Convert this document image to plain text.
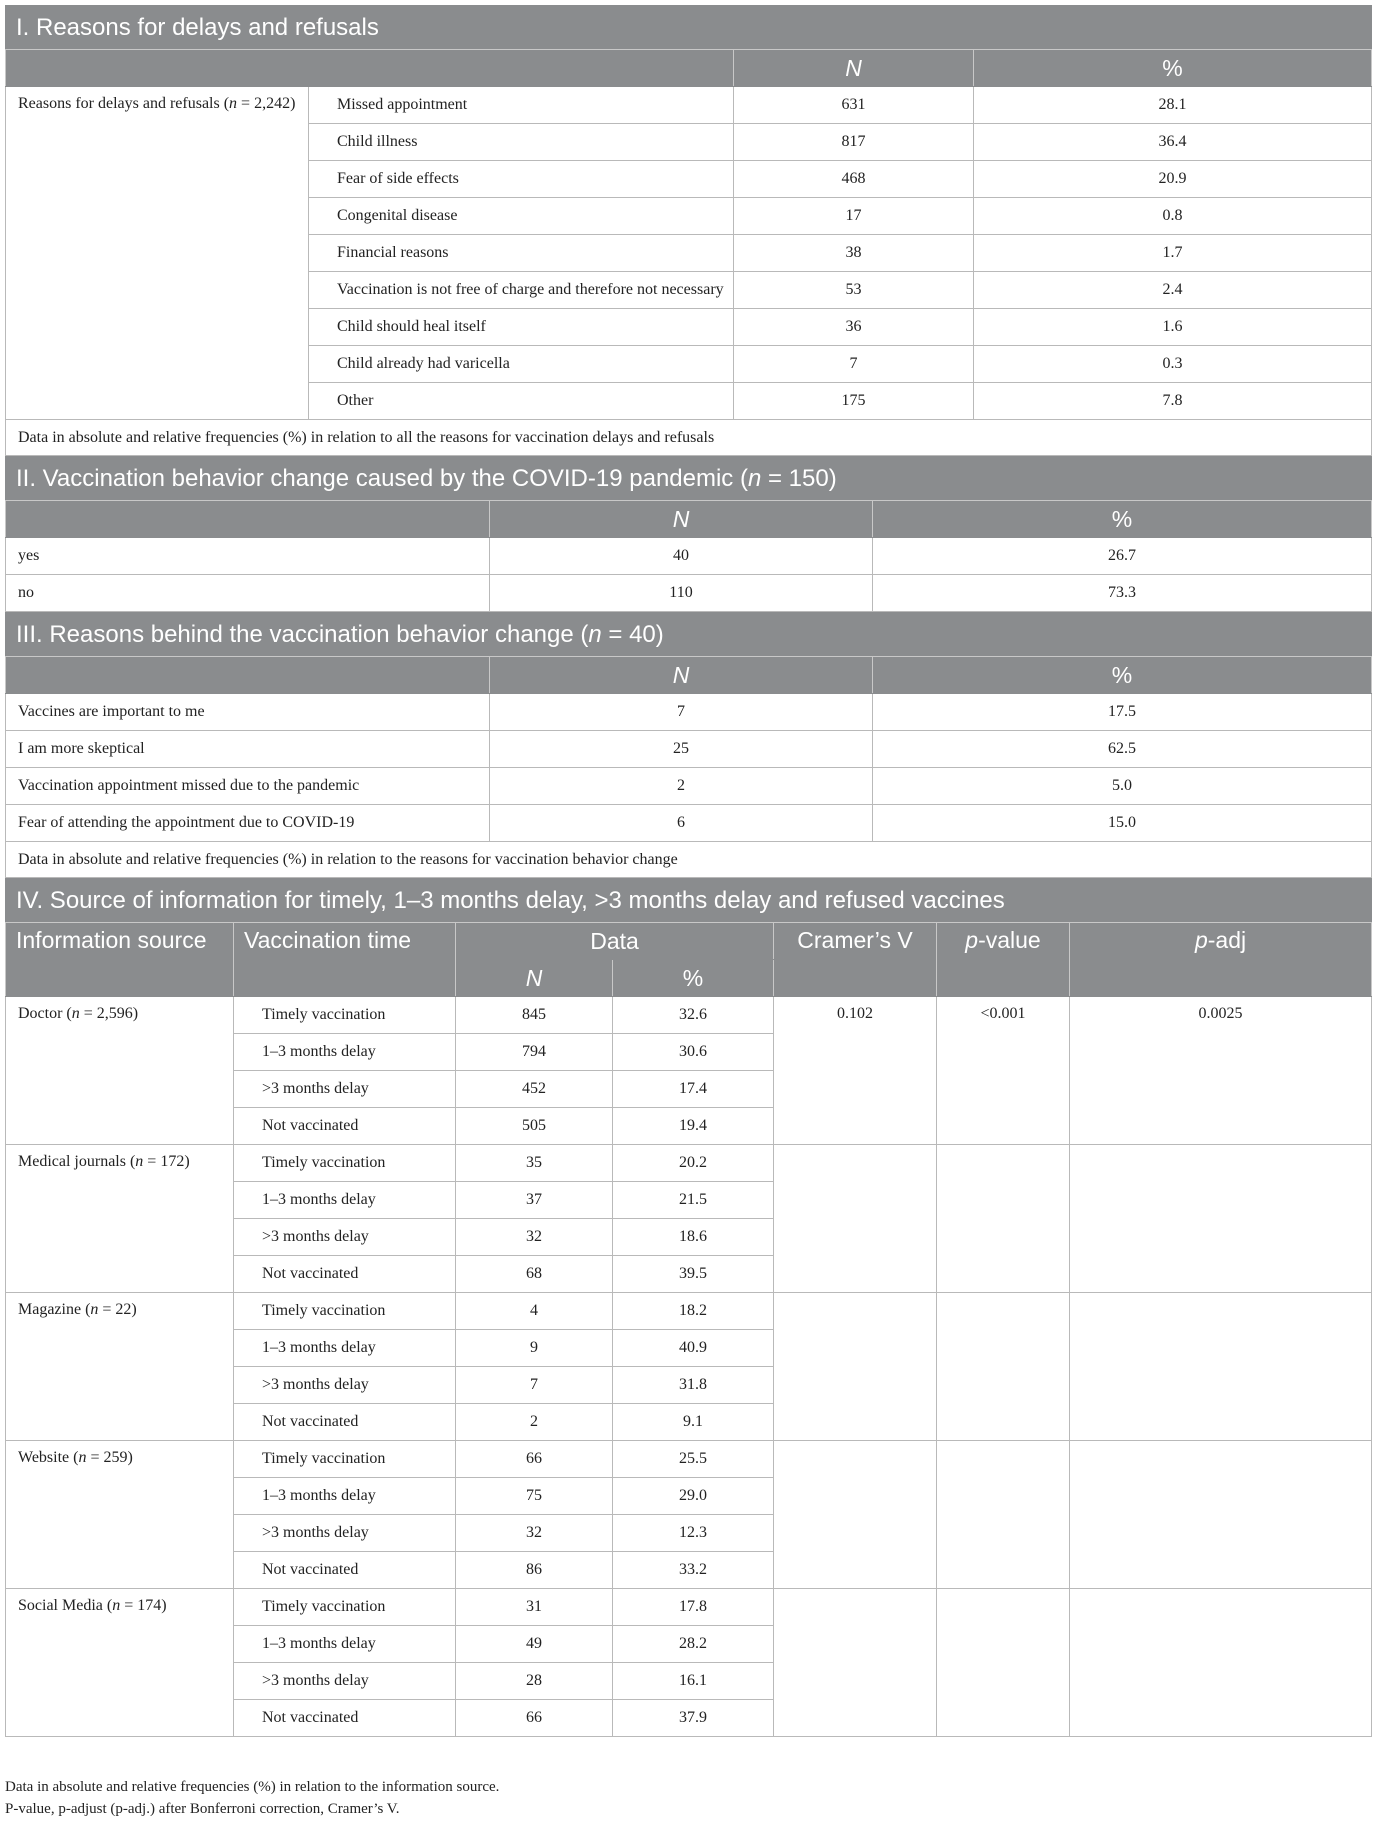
I. Reasons for delays and refusals			
		N	%
Reasons for delays and refusals (n = 2,242)	Missed appointment	631	28.1
	Child illness	817	36.4
	Fear of side effects	468	20.9
	Congenital disease	17	0.8
	Financial reasons	38	1.7
	Vaccination is not free of charge and therefore not necessary	53	2.4
	Child should heal itself	36	1.6
	Child already had varicella	7	0.3
	Other	175	7.8
Data in absolute and relative frequencies (%) in relation to all the reasons for vaccination delays and refusals			
II. Vaccination behavior change caused by the COVID-19 pandemic (n = 150)		
	N	%
yes	40	26.7
no	110	73.3
III. Reasons behind the vaccination behavior change (n = 40)		
	N	%
Vaccines are important to me	7	17.5
I am more skeptical	25	62.5
Vaccination appointment missed due to the pandemic	2	5.0
Fear of attending the appointment due to COVID-19	6	15.0
Data in absolute and relative frequencies (%) in relation to the reasons for vaccination behavior change		
IV. Source of information for timely, 1–3 months delay, >3 months delay and refused vaccines						
Information source	Vaccination time	Data		Cramer’s V	p-value	p-adj
		N	%			
Doctor (n = 2,596)	Timely vaccination	845	32.6	0.102	<0.001	0.0025
	1–3 months delay	794	30.6			
	>3 months delay	452	17.4			
	Not vaccinated	505	19.4			
Medical journals (n = 172)	Timely vaccination	35	20.2			
	1–3 months delay	37	21.5			
	>3 months delay	32	18.6			
	Not vaccinated	68	39.5			
Magazine (n = 22)	Timely vaccination	4	18.2			
	1–3 months delay	9	40.9			
	>3 months delay	7	31.8			
	Not vaccinated	2	9.1			
Website (n = 259)	Timely vaccination	66	25.5			
	1–3 months delay	75	29.0			
	>3 months delay	32	12.3			
	Not vaccinated	86	33.2			
Social Media (n = 174)	Timely vaccination	31	17.8			
	1–3 months delay	49	28.2			
	>3 months delay	28	16.1			
	Not vaccinated	66	37.9			
Data in absolute and relative frequencies (%) in relation to the information source.
P-value, p-adjust (p-adj.) after Bonferroni correction, Cramer’s V.
